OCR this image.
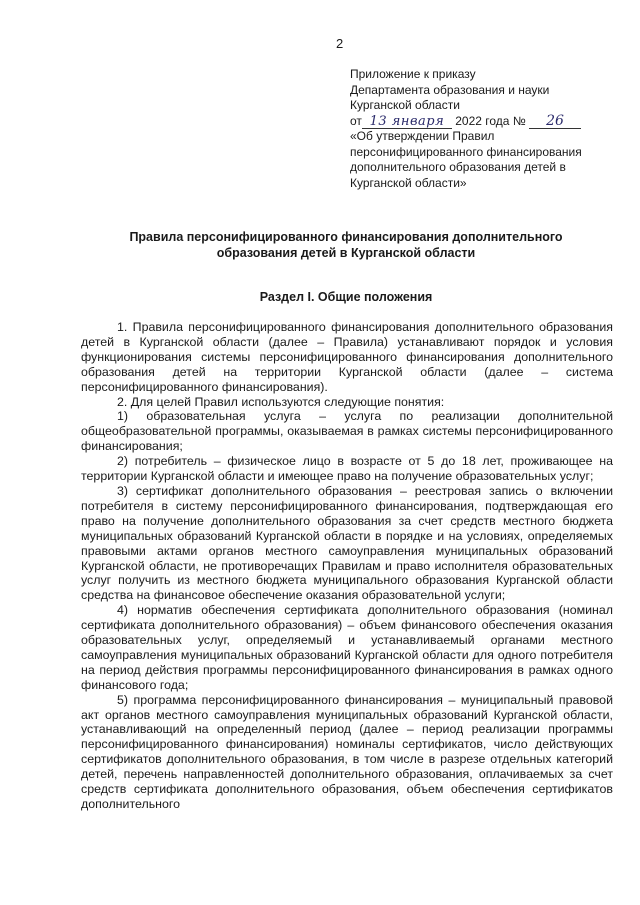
2
Приложение к приказу
Департамента образования и науки
Курганской области
от 13 января 2022 года № 26
«Об утверждении Правил
персонифицированного финансирования
дополнительного образования детей в
Курганской области»
Правила персонифицированного финансирования дополнительного
образования детей в Курганской области
Раздел I. Общие положения

1. Правила персонифицированного финансирования дополнительного образования детей в Курганской области (далее – Правила) устанавливают порядок и условия функционирования системы персонифицированного финансирования дополнительного образования детей на территории Курганской области (далее – система персонифицированного финансирования).

2. Для целей Правил используются следующие понятия:

1) образовательная услуга – услуга по реализации дополнительной общеобразовательной программы, оказываемая в рамках системы персонифицированного финансирования;

2) потребитель – физическое лицо в возрасте от 5 до 18 лет, проживающее на территории Курганской области и имеющее право на получение образовательных услуг;

3) сертификат дополнительного образования – реестровая запись о включении потребителя в систему персонифицированного финансирования, подтверждающая его право на получение дополнительного образования за счет средств местного бюджета муниципальных образований Курганской области в порядке и на условиях, определяемых правовыми актами органов местного самоуправления муниципальных образований Курганской области, не противоречащих Правилам и право исполнителя образовательных услуг получить из местного бюджета муниципального образования Курганской области средства на финансовое обеспечение оказания образовательной услуги;

4) норматив обеспечения сертификата дополнительного образования (номинал сертификата дополнительного образования) – объем финансового обеспечения оказания образовательных услуг, определяемый и устанавливаемый органами местного самоуправления муниципальных образований Курганской области для одного потребителя на период действия программы персонифицированного финансирования в рамках одного финансового года;

5) программа персонифицированного финансирования – муниципальный правовой акт органов местного самоуправления муниципальных образований Курганской области, устанавливающий на определенный период (далее – период реализации программы персонифицированного финансирования) номиналы сертификатов, число действующих сертификатов дополнительного образования, в том числе в разрезе отдельных категорий детей, перечень направленностей дополнительного образования, оплачиваемых за счет средств сертификата дополнительного образования, объем обеспечения сертификатов дополнительного
